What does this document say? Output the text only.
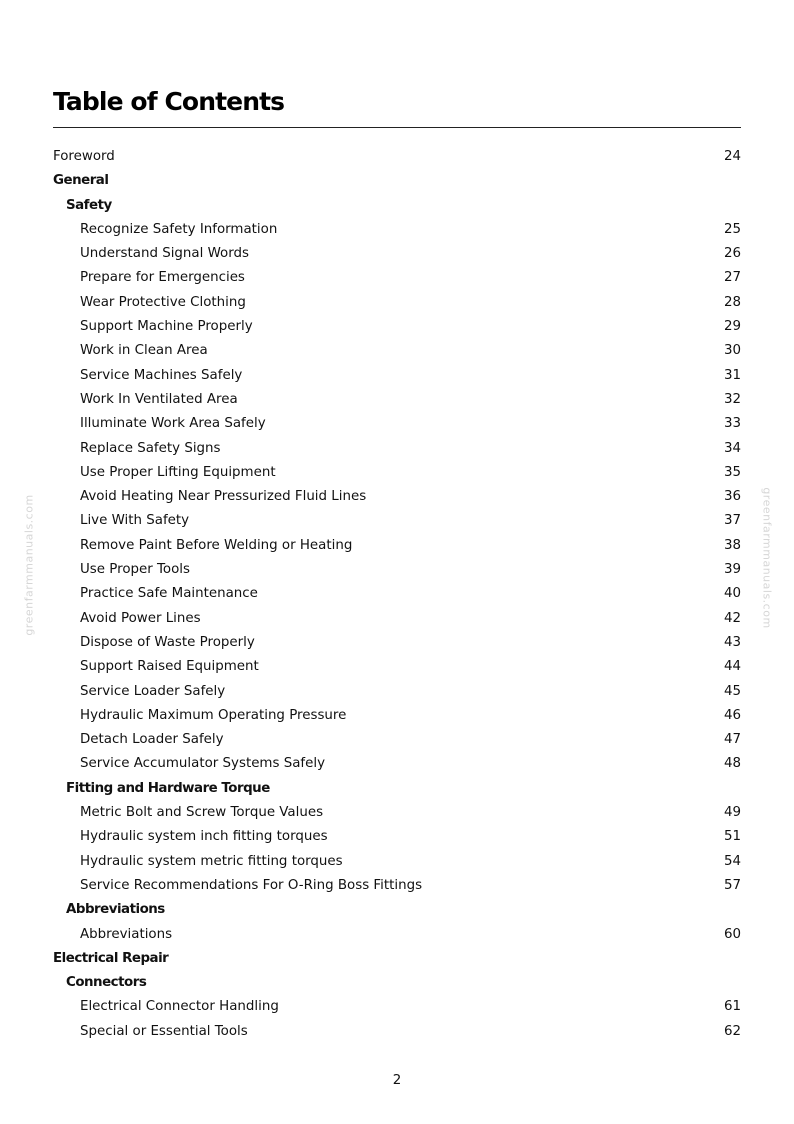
Table of Contents
Foreword	24
General
Safety
Recognize Safety Information	25
Understand Signal Words	26
Prepare for Emergencies	27
Wear Protective Clothing	28
Support Machine Properly	29
Work in Clean Area	30
Service Machines Safely	31
Work In Ventilated Area	32
Illuminate Work Area Safely	33
Replace Safety Signs	34
Use Proper Lifting Equipment	35
Avoid Heating Near Pressurized Fluid Lines	36
Live With Safety	37
Remove Paint Before Welding or Heating	38
Use Proper Tools	39
Practice Safe Maintenance	40
Avoid Power Lines	42
Dispose of Waste Properly	43
Support Raised Equipment	44
Service Loader Safely	45
Hydraulic Maximum Operating Pressure	46
Detach Loader Safely	47
Service Accumulator Systems Safely	48
Fitting and Hardware Torque
Metric Bolt and Screw Torque Values	49
Hydraulic system inch fitting torques	51
Hydraulic system metric fitting torques	54
Service Recommendations For O-Ring Boss Fittings	57
Abbreviations
Abbreviations	60
Electrical Repair
Connectors
Electrical Connector Handling	61
Special or Essential Tools	62
greenfarmmanuals.com	greenfarmmanuals.com
2
